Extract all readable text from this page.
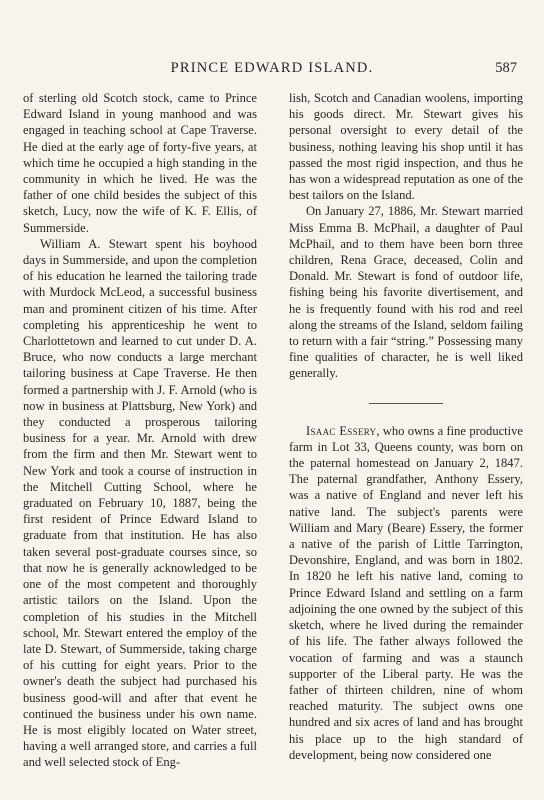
PRINCE EDWARD ISLAND.	587

of sterling old Scotch stock, came to Prince Edward Island in young manhood and was engaged in teaching school at Cape Traverse. He died at the early age of forty-five years, at which time he occupied a high standing in the community in which he lived. He was the father of one child besides the subject of this sketch, Lucy, now the wife of K. F. Ellis, of Summerside.

William A. Stewart spent his boyhood days in Summerside, and upon the completion of his education he learned the tailoring trade with Murdock McLeod, a successful business man and prominent citizen of his time. After completing his apprenticeship he went to Charlottetown and learned to cut under D. A. Bruce, who now conducts a large merchant tailoring business at Cape Traverse. He then formed a partnership with J. F. Arnold (who is now in business at Plattsburg, New York) and they conducted a prosperous tailoring business for a year. Mr. Arnold with drew from the firm and then Mr. Stewart went to New York and took a course of instruction in the Mitchell Cutting School, where he graduated on February 10, 1887, being the first resident of Prince Edward Island to graduate from that institution. He has also taken several post-graduate courses since, so that now he is generally acknowledged to be one of the most competent and thoroughly artistic tailors on the Island. Upon the completion of his studies in the Mitchell school, Mr. Stewart entered the employ of the late D. Stewart, of Summerside, taking charge of his cutting for eight years. Prior to the owner's death the subject had purchased his business good-will and after that event he continued the business under his own name. He is most eligibly located on Water street, having a well arranged store, and carries a full and well selected stock of Eng-

lish, Scotch and Canadian woolens, importing his goods direct. Mr. Stewart gives his personal oversight to every detail of the business, nothing leaving his shop until it has passed the most rigid inspection, and thus he has won a widespread reputation as one of the best tailors on the Island.

On January 27, 1886, Mr. Stewart married Miss Emma B. McPhail, a daughter of Paul McPhail, and to them have been born three children, Rena Grace, deceased, Colin and Donald. Mr. Stewart is fond of outdoor life, fishing being his favorite divertisement, and he is frequently found with his rod and reel along the streams of the Island, seldom failing to return with a fair “string.” Possessing many fine qualities of character, he is well liked generally.

Isaac Essery, who owns a fine productive farm in Lot 33, Queens county, was born on the paternal homestead on January 2, 1847. The paternal grandfather, Anthony Essery, was a native of England and never left his native land. The subject's parents were William and Mary (Beare) Essery, the former a native of the parish of Little Tarrington, Devonshire, England, and was born in 1802. In 1820 he left his native land, coming to Prince Edward Island and settling on a farm adjoining the one owned by the subject of this sketch, where he lived during the remainder of his life. The father always followed the vocation of farming and was a staunch supporter of the Liberal party. He was the father of thirteen children, nine of whom reached maturity. The subject owns one hundred and six acres of land and has brought his place up to the high standard of development, being now considered one
